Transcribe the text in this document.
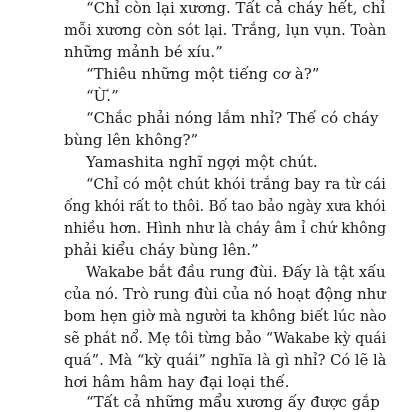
“Chỉ còn lại xương. Tất cả cháy hết, chỉ
mỗi xương còn sót lại. Trắng, lụn vụn. Toàn
những mảnh bé xíu.”
“Thiêu những một tiếng cơ à?”
“Ừ.”
“Chắc phải nóng lắm nhỉ? Thế có cháy
bùng lên không?”
Yamashita nghĩ ngợi một chút.
“Chỉ có một chút khói trắng bay ra từ cái
ống khói rất to thôi. Bố tao bảo ngày xưa khói
nhiều hơn. Hình như là cháy âm ỉ chứ không
phải kiểu cháy bùng lên.”
Wakabe bắt đầu rung đùi. Đấy là tật xấu
của nó. Trò rung đùi của nó hoạt động như
bom hẹn giờ mà người ta không biết lúc nào
sẽ phát nổ. Mẹ tôi từng bảo “Wakabe kỳ quái
quá”. Mà “kỳ quái” nghĩa là gì nhỉ? Có lẽ là
hơi hâm hâm hay đại loại thế.
“Tất cả những mẩu xương ấy được gắp
